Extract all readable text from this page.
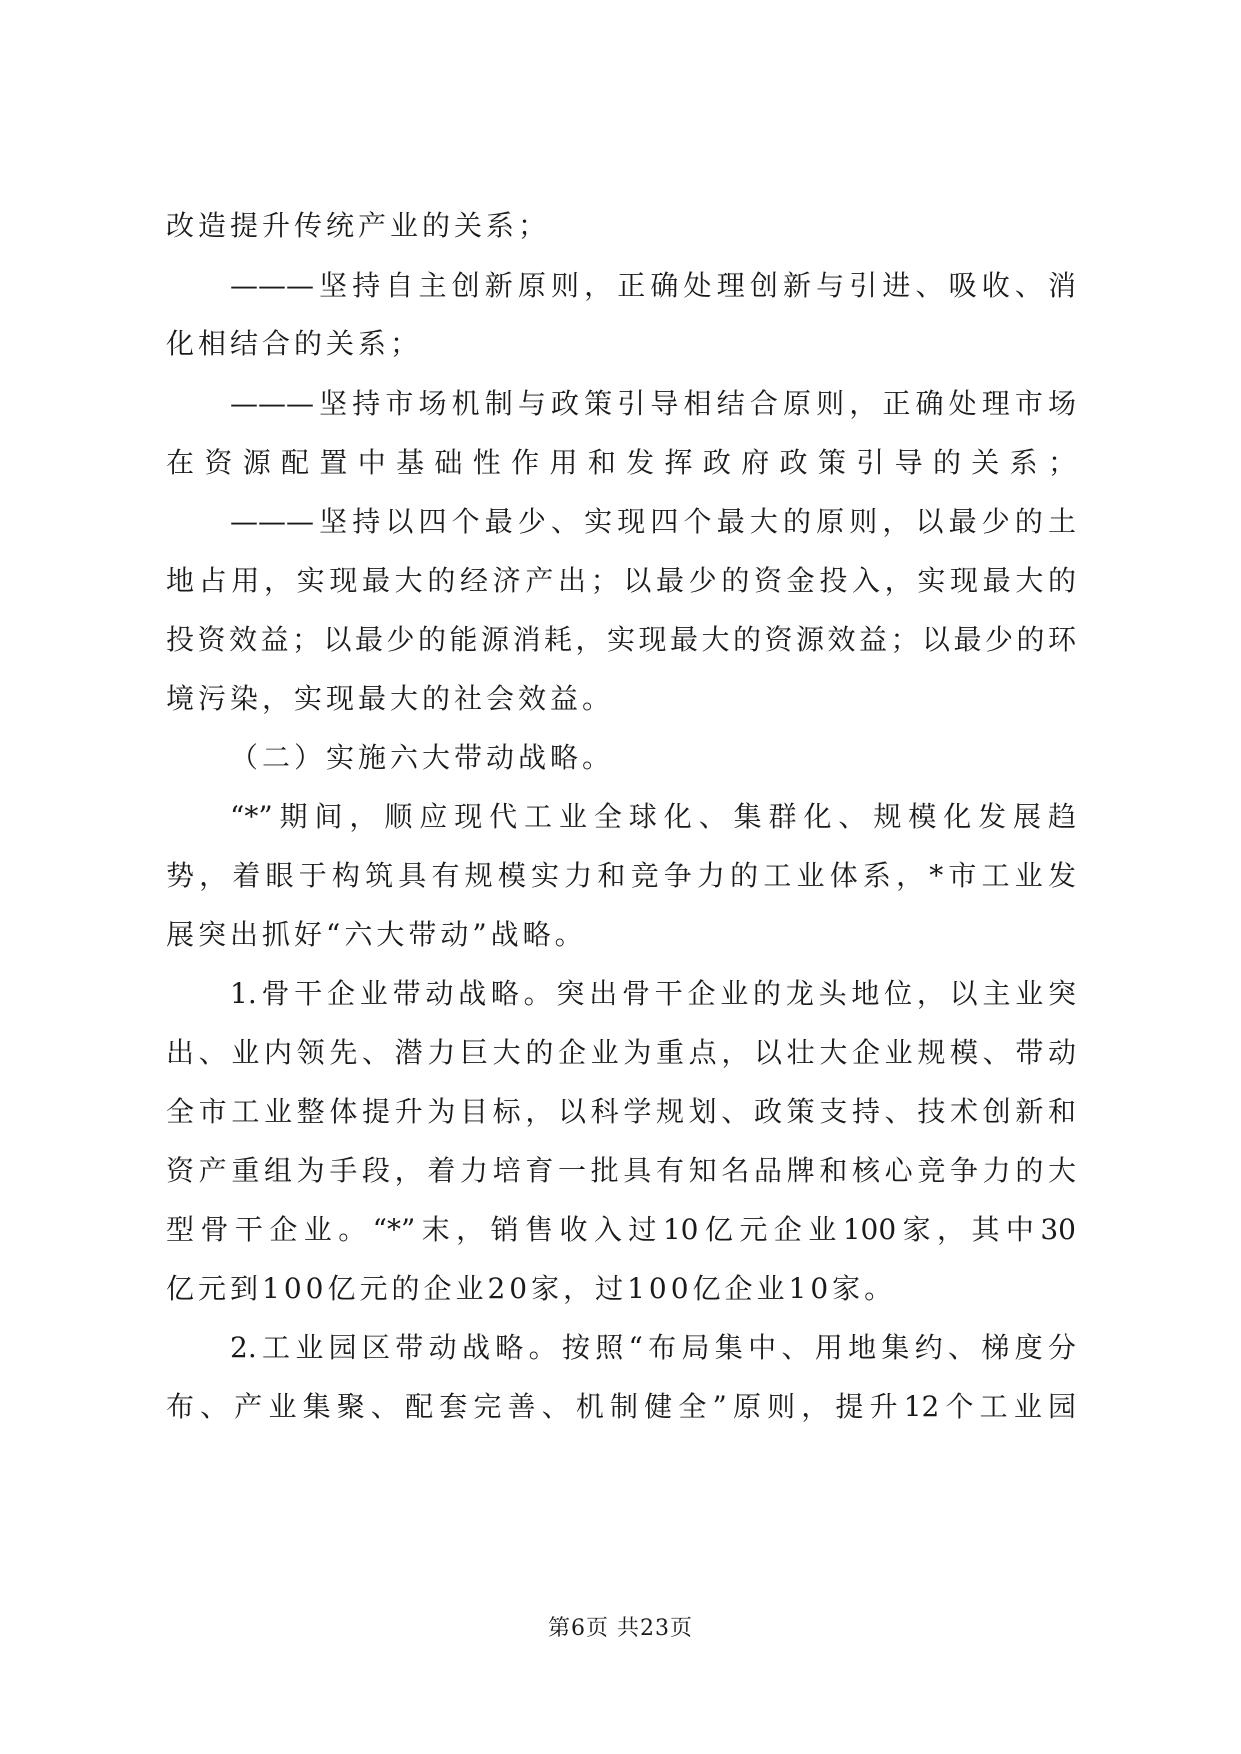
改造提升传统产业的关系；
———坚持自主创新原则，正确处理创新与引进、吸收、消
化相结合的关系；
———坚持市场机制与政策引导相结合原则，正确处理市场
在资源配置中基础性作用和发挥政府政策引导的关系；
———坚持以四个最少、实现四个最大的原则，以最少的土
地占用，实现最大的经济产出；以最少的资金投入，实现最大的
投资效益；以最少的能源消耗，实现最大的资源效益；以最少的环
境污染，实现最大的社会效益。
（二）实施六大带动战略。
“*”期间，顺应现代工业全球化、集群化、规模化发展趋
势，着眼于构筑具有规模实力和竞争力的工业体系，*市工业发
展突出抓好“六大带动”战略。
1.骨干企业带动战略。突出骨干企业的龙头地位，以主业突
出、业内领先、潜力巨大的企业为重点，以壮大企业规模、带动
全市工业整体提升为目标，以科学规划、政策支持、技术创新和
资产重组为手段，着力培育一批具有知名品牌和核心竞争力的大
型骨干企业。“*”末，销售收入过10亿元企业100家，其中30
亿元到100亿元的企业20家，过100亿企业10家。
2.工业园区带动战略。按照“布局集中、用地集约、梯度分
布、产业集聚、配套完善、机制健全”原则，提升12个工业园
第6页 共23页
